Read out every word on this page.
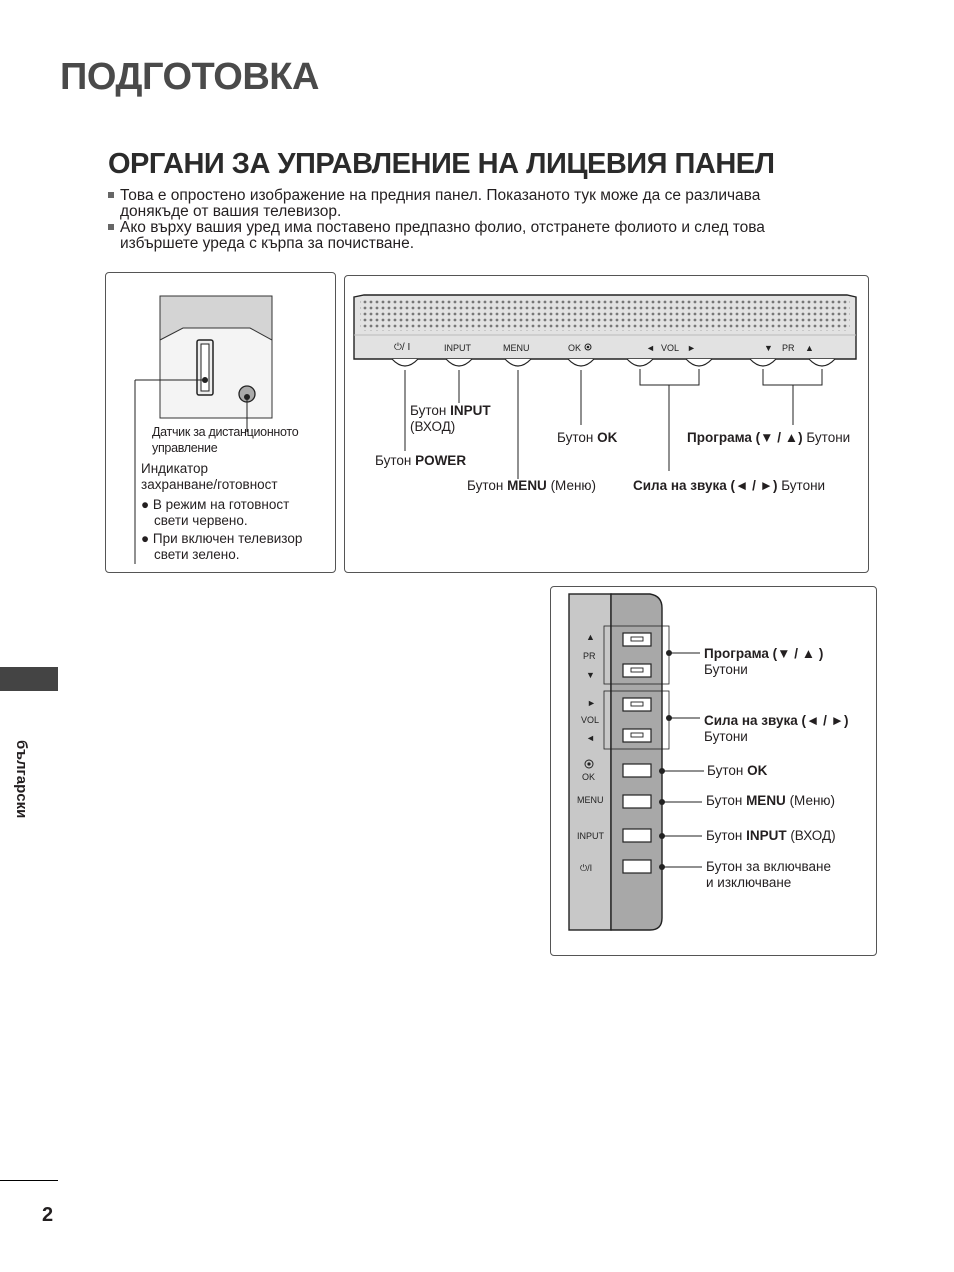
ПОДГОТОВКА
ОРГАНИ ЗА УПРАВЛЕНИЕ НА ЛИЦЕВИЯ ПАНЕЛ
Това е опростено изображение на предния панел. Показаното тук може да се различава
донякъде от вашия телевизор.
Ако върху вашия уред има поставено предпазно фолио, отстранете фолиото и след това
избършете уреда с кърпа за почистване.
Датчик за дистанционното
управление
Индикатор
захранване/готовност
● В режим на готовност
свети червено.
● При включен телевизор
свети зелено.
⏻/ I	INPUT	MENU	OK	◄ VOL ►	▼ PR ▲
Бутон INPUT
(ВХОД)
Бутон OK	Програма (▼ / ▲) Бутони
Бутон POWER
Бутон MENU (Меню)	Сила на звука (◄ / ►) Бутони
▲
PR
▼
►
VOL
◄
OK
MENU
INPUT
⏻/I
Програма (▼ / ▲ )
Бутони
Сила на звука (◄ / ►)
Бутони
Бутон OK
Бутон MENU (Меню)
Бутон INPUT (ВХОД)
Бутон за включване
и изключване
български
2
